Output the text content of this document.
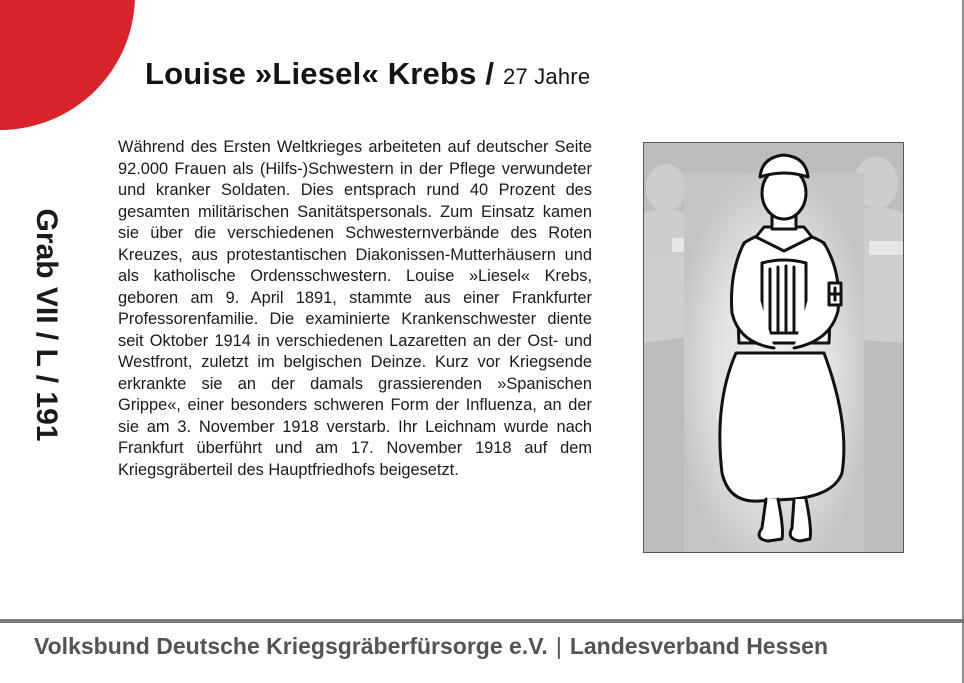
Louise »Liesel« Krebs / 27 Jahre
Grab VII / L / 191

Während des Ersten Weltkrieges arbeiteten auf deutscher Seite 92.000 Frauen als (Hilfs-)Schwestern in der Pflege verwundeter und kranker Soldaten. Dies entsprach rund 40 Prozent des gesamten militärischen Sanitätspersonals. Zum Einsatz kamen sie über die verschiedenen Schwesternverbände des Roten Kreuzes, aus protestantischen Diakonissen-Mutterhäusern und als katholische Ordensschwestern. Louise »Liesel« Krebs, geboren am 9. April 1891, stammte aus einer Frankfurter Professorenfamilie. Die examinierte Krankenschwester diente seit Oktober 1914 in verschiedenen Lazaretten an der Ost- und Westfront, zuletzt im belgischen Deinze. Kurz vor Kriegsende erkrankte sie an der damals grassierenden »Spanischen Grippe«, einer besonders schweren Form der Influenza, an der sie am 3. November 1918 verstarb. Ihr Leichnam wurde nach Frankfurt überführt und am 17. November 1918 auf dem Kriegsgräberteil des Hauptfriedhofs beigesetzt.

Volksbund Deutsche Kriegsgräberfürsorge e.V. | Landesverband Hessen
